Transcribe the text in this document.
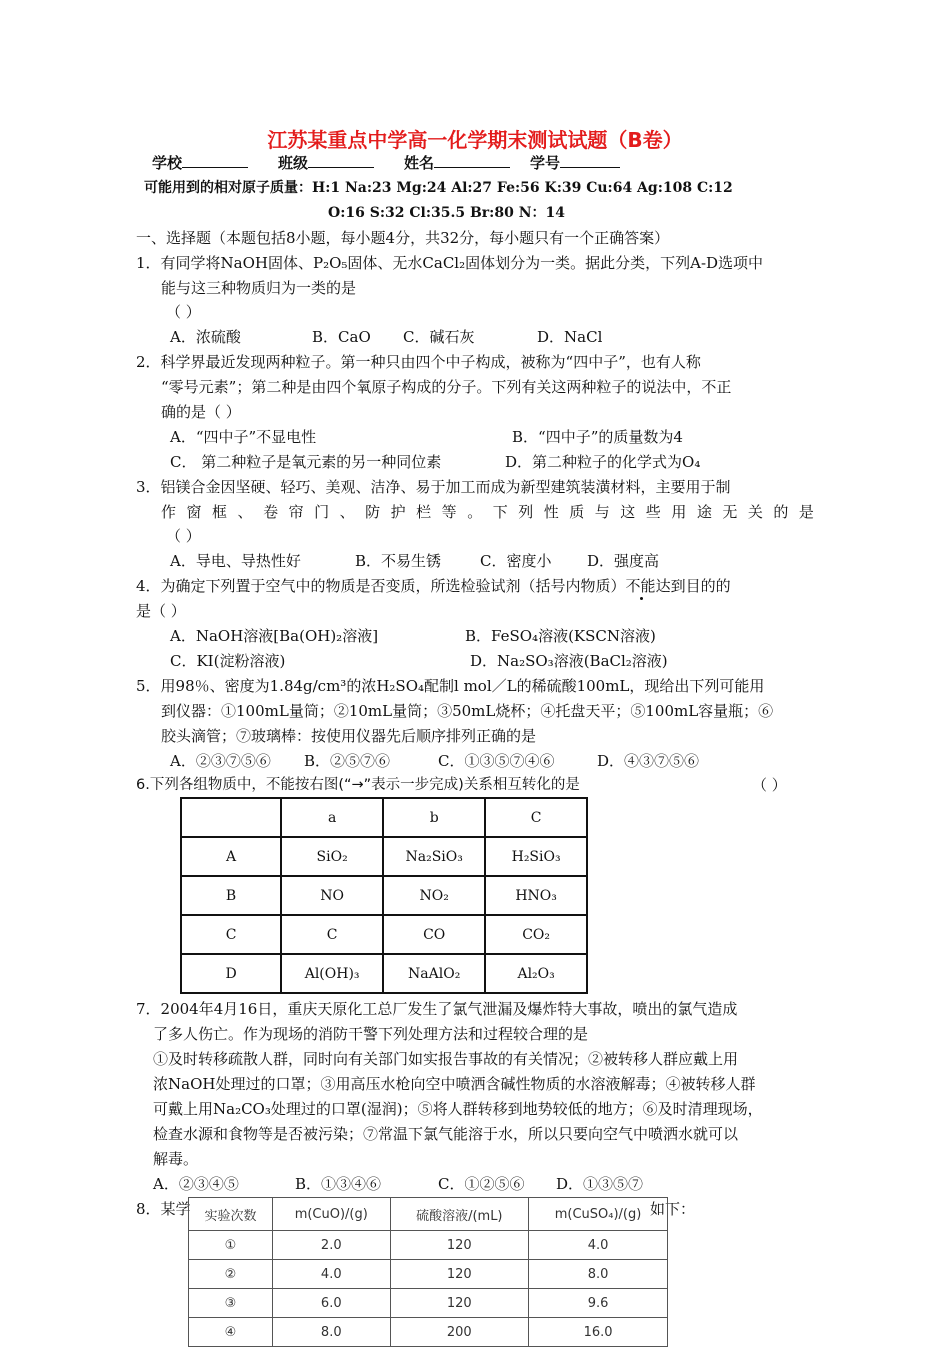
江苏某重点中学高一化学期末测试试题（B卷）
学校	班级	姓名	学号
可能用到的相对原子质量：H:1 Na:23 Mg:24 Al:27 Fe:56 K:39 Cu:64 Ag:108 C:12
O:16 S:32 Cl:35.5 Br:80 N：14
一、选择题（本题包括8小题，每小题4分，共32分，每小题只有一个正确答案）
1．有同学将NaOH固体、P₂O₅固体、无水CaCl₂固体划分为一类。据此分类，下列A-D选项中
能与这三种物质归为一类的是
（ ）
A．浓硫酸	B．CaO C．碱石灰	D．NaCl
2．科学界最近发现两种粒子。第一种只由四个中子构成，被称为“四中子”，也有人称
“零号元素”；第二种是由四个氧原子构成的分子。下列有关这两种粒子的说法中，不正
确的是（ ）
A．“四中子”不显电性	B．“四中子”的质量数为4
C． 第二种粒子是氧元素的另一种同位素	D．第二种粒子的化学式为O₄
3．铝镁合金因坚硬、轻巧、美观、洁净、易于加工而成为新型建筑装潢材料，主要用于制
作 窗 框 、 卷 帘 门 、 防 护 栏 等 。 下 列 性 质 与 这 些 用 途 无 关 的 是
（ ）
A．导电、导热性好	B．不易生锈	C．密度小 D．强度高
4．为确定下列置于空气中的物质是否变质，所选检验试剂（括号内物质）不能达到目的的
是（ ）
A．NaOH溶液[Ba(OH)₂溶液]	B．FeSO₄溶液(KSCN溶液)
C．KI(淀粉溶液)	D．Na₂SO₃溶液(BaCl₂溶液)
5．用98％、密度为1.84g/cm³的浓H₂SO₄配制l mol／L的稀硫酸100mL，现给出下列可能用
到仪器：①100mL量筒；②10mL量筒；③50mL烧杯；④托盘天平；⑤100mL容量瓶；⑥
胶头滴管；⑦玻璃棒：按使用仪器先后顺序排列正确的是
A．②③⑦⑤⑥ B．②⑤⑦⑥	C．①③⑤⑦④⑥	D．④③⑦⑤⑥
6.下列各组物质中，不能按右图(“→”表示一步完成)关系相互转化的是	（ ）
	a	b	C
A	SiO₂	Na₂SiO₃	H₂SiO₃
B	NO	NO₂	HNO₃
C	C	CO	CO₂
D	Al(OH)₃	NaAlO₂	Al₂O₃
7．2004年4月16日，重庆天原化工总厂发生了氯气泄漏及爆炸特大事故，喷出的氯气造成
了多人伤亡。作为现场的消防干警下列处理方法和过程较合理的是
①及时转移疏散人群，同时向有关部门如实报告事故的有关情况；②被转移人群应戴上用
浓NaOH处理过的口罩；③用高压水枪向空中喷洒含碱性物质的水溶液解毒；④被转移人群
可戴上用Na₂CO₃处理过的口罩(湿润)；⑤将人群转移到地势较低的地方；⑥及时清理现场，
检查水源和食物等是否被污染；⑦常温下氯气能溶于水，所以只要向空气中喷洒水就可以
解毒。
A．②③④⑤	B．①③④⑥	C．①②⑤⑥ D．①③⑤⑦
8．某学	如下：
实验次数	m(CuO)/(g)	硫酸溶液/(mL)	m(CuSO₄)/(g)
①	2.0	120	4.0
②	4.0	120	8.0
③	6.0	120	9.6
④	8.0	200	16.0
